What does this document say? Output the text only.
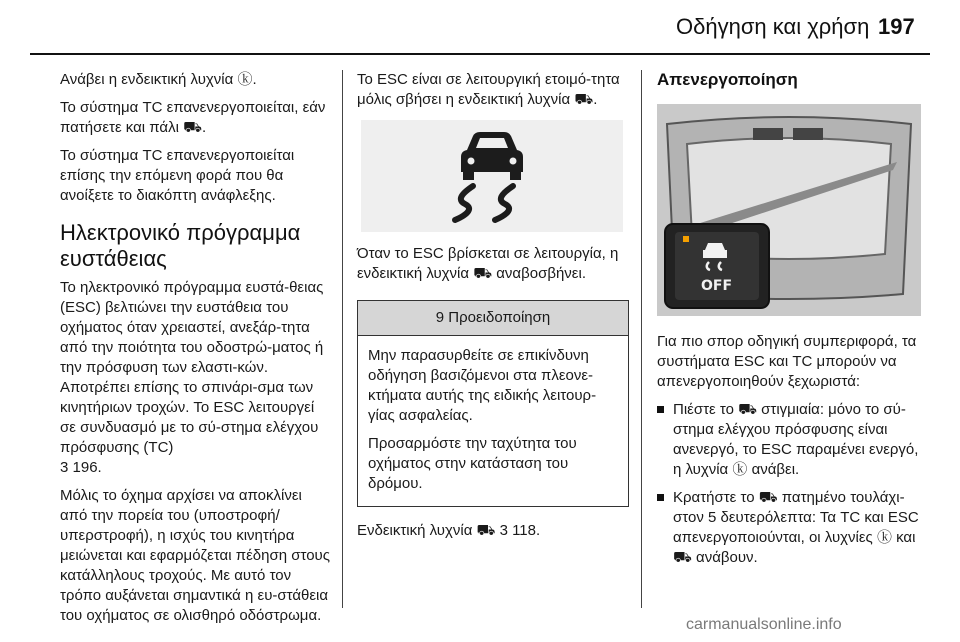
Οδήγηση και χρήση 197

Ανάβει η ενδεικτική λυχνία ⓚ.

Το σύστημα TC επανενεργοποιείται, εάν πατήσετε και πάλι ⛟.

Το σύστημα TC επανενεργοποιείται επίσης την επόμενη φορά που θα ανοίξετε το διακόπτη ανάφλεξης.

Ηλεκτρονικό πρόγραμμα ευστάθειας

Το ηλεκτρονικό πρόγραμμα ευστά-θειας (ESC) βελτιώνει την ευστάθεια του οχήματος όταν χρειαστεί, ανεξάρ-τητα από την ποιότητα του οδοστρώ-ματος ή την πρόσφυση των ελαστι-κών. Αποτρέπει επίσης το σπινάρι-σμα των κινητήριων τροχών. Το ESC λειτουργεί σε συνδυασμό με το σύ-στημα ελέγχου πρόσφυσης (TC)

3 196.

Μόλις το όχημα αρχίσει να αποκλίνει από την πορεία του (υποστροφή/υπερστροφή), η ισχύς του κινητήρα μειώνεται και εφαρμόζεται πέδηση στους κατάλληλους τροχούς. Με αυτό τον τρόπο αυξάνεται σημαντικά η ευ-στάθεια του οχήματος σε ολισθηρό οδόστρωμα.

Το ESC είναι σε λειτουργική ετοιμό-τητα μόλις σβήσει η ενδεικτική λυχνία ⛟.

Όταν το ESC βρίσκεται σε λειτουργία, η ενδεικτική λυχνία ⛟ αναβοσβήνει.

9 Προειδοποίηση

Μην παρασυρθείτε σε επικίνδυνη οδήγηση βασιζόμενοι στα πλεονε-κτήματα αυτής της ειδικής λειτουρ-γίας ασφαλείας.

Προσαρμόστε την ταχύτητα του οχήματος στην κατάσταση του δρόμου.

Ενδεικτική λυχνία ⛟ 3 118.

Απενεργοποίηση
OFF

Για πιο σπορ οδηγική συμπεριφορά, τα συστήματα ESC και TC μπορούν να απενεργοποιηθούν ξεχωριστά:

Πιέστε το ⛟ στιγμιαία: μόνο το σύ-στημα ελέγχου πρόσφυσης είναι ανενεργό, το ESC παραμένει ενεργό, η λυχνία ⓚ ανάβει.
Κρατήστε το ⛟ πατημένο τουλάχι-στον 5 δευτερόλεπτα: Τα TC και ESC απενεργοποιούνται, οι λυχνίες ⓚ και ⛟ ανάβουν.
carmanualsonline.info
